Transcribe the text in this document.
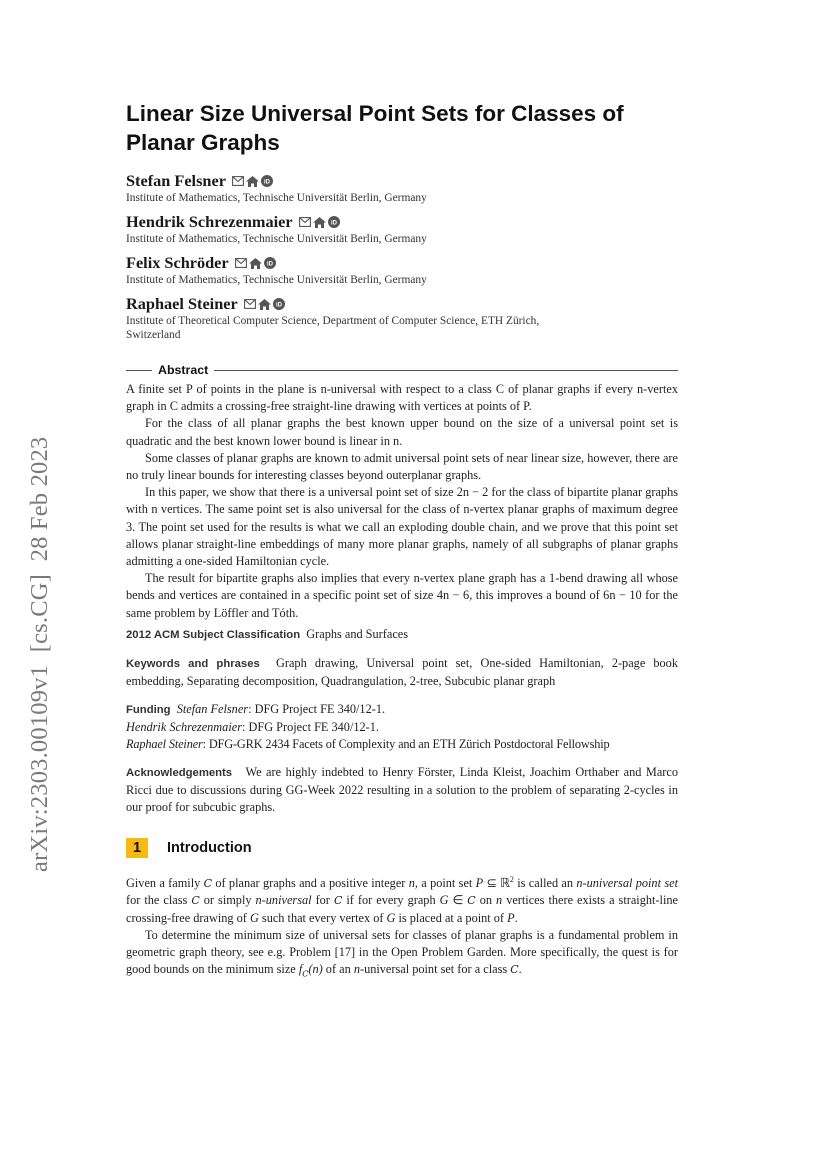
arXiv:2303.00109v1  [cs.CG]  28 Feb 2023
Linear Size Universal Point Sets for Classes of
Planar Graphs
Stefan Felsner	iD
Institute of Mathematics, Technische Universität Berlin, Germany
Hendrik Schrezenmaier	iD
Institute of Mathematics, Technische Universität Berlin, Germany
Felix Schröder	iD
Institute of Mathematics, Technische Universität Berlin, Germany
Raphael Steiner	iD
Institute of Theoretical Computer Science, Department of Computer Science, ETH Zürich,
Switzerland
Abstract

A finite set P of points in the plane is n-universal with respect to a class C of planar graphs if every n-vertex graph in C admits a crossing-free straight-line drawing with vertices at points of P.

For the class of all planar graphs the best known upper bound on the size of a universal point set is quadratic and the best known lower bound is linear in n.

Some classes of planar graphs are known to admit universal point sets of near linear size, however, there are no truly linear bounds for interesting classes beyond outerplanar graphs.

In this paper, we show that there is a universal point set of size 2n − 2 for the class of bipartite planar graphs with n vertices. The same point set is also universal for the class of n-vertex planar graphs of maximum degree 3. The point set used for the results is what we call an exploding double chain, and we prove that this point set allows planar straight-line embeddings of many more planar graphs, namely of all subgraphs of planar graphs admitting a one-sided Hamiltonian cycle.

The result for bipartite graphs also implies that every n-vertex plane graph has a 1-bend drawing all whose bends and vertices are contained in a specific point set of size 4n − 6, this improves a bound of 6n − 10 for the same problem by Löffler and Tóth.

2012 ACM Subject Classification Graphs and Surfaces
Keywords and phrases Graph drawing, Universal point set, One-sided Hamiltonian, 2-page book embedding, Separating decomposition, Quadrangulation, 2-tree, Subcubic planar graph
Funding Stefan Felsner: DFG Project FE 340/12-1.
Hendrik Schrezenmaier: DFG Project FE 340/12-1.
Raphael Steiner: DFG-GRK 2434 Facets of Complexity and an ETH Zürich Postdoctoral Fellowship
Acknowledgements We are highly indebted to Henry Förster, Linda Kleist, Joachim Orthaber and Marco Ricci due to discussions during GG-Week 2022 resulting in a solution to the problem of separating 2-cycles in our proof for subcubic graphs.
1	Introduction

Given a family C of planar graphs and a positive integer n, a point set P ⊆ ℝ$^2$ is called an n-universal point set for the class C or simply n-universal for C if for every graph G ∈ C on n vertices there exists a straight-line crossing-free drawing of G such that every vertex of G is placed at a point of P.

To determine the minimum size of universal sets for classes of planar graphs is a fundamental problem in geometric graph theory, see e.g. Problem [17] in the Open Problem Garden. More specifically, the quest is for good bounds on the minimum size $f_C(n)$ of an n-universal point set for a class C.
